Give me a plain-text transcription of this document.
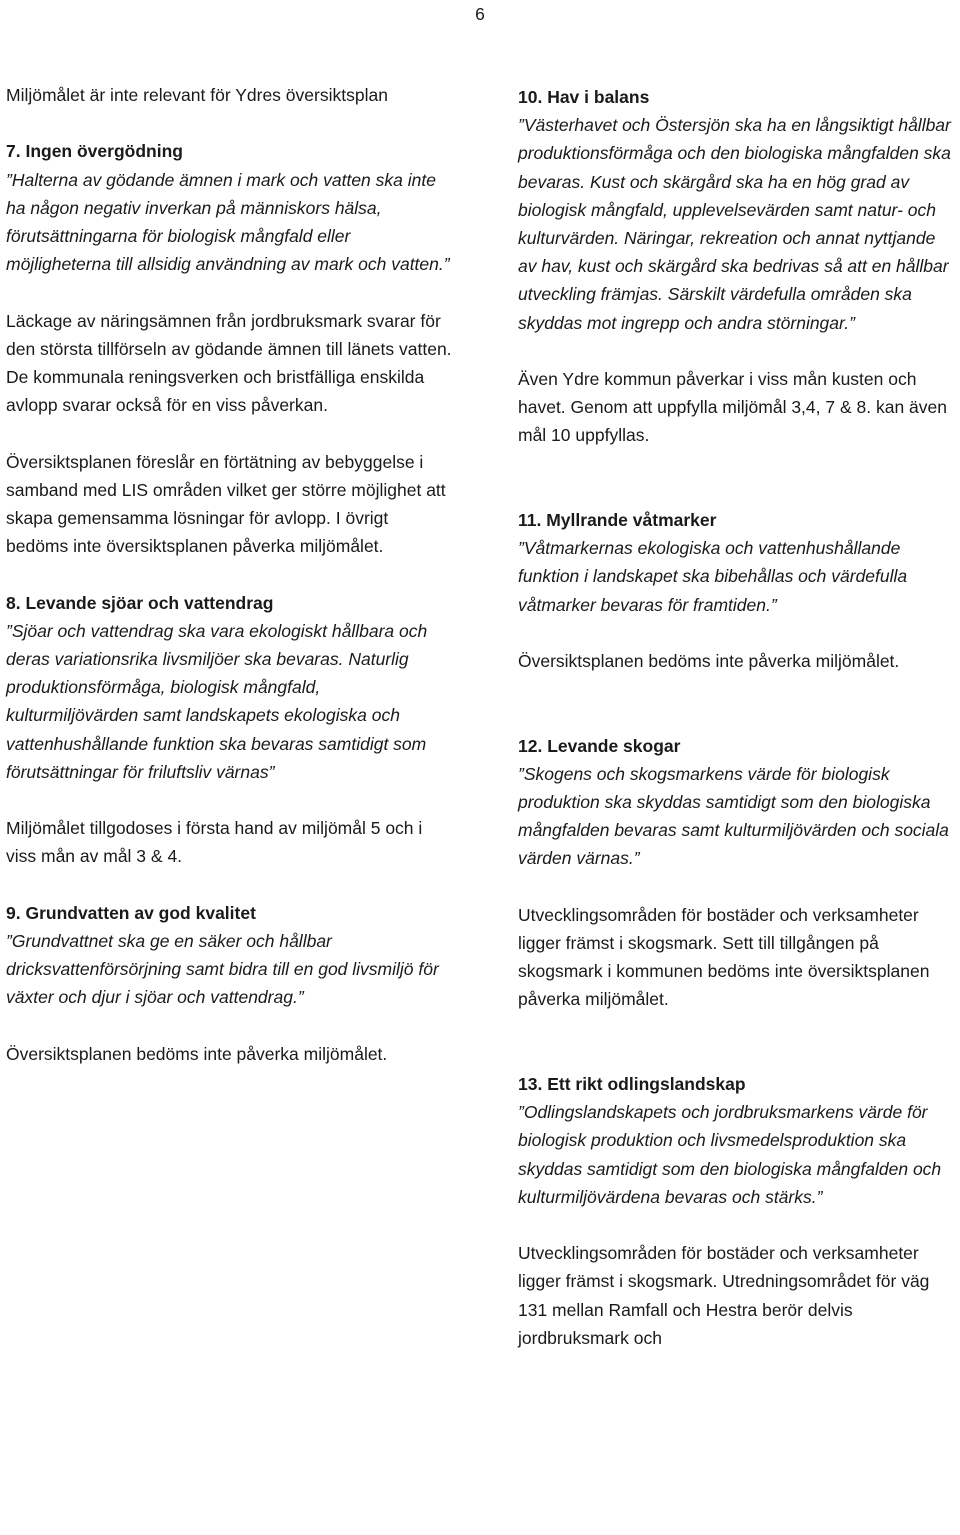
6

Miljömålet är inte relevant för Ydres översiktsplan

7. Ingen övergödning

”Halterna av gödande ämnen i mark och vatten ska inte ha någon negativ inverkan på människors hälsa, förutsättningarna för biologisk mångfald eller möjligheterna till allsidig användning av mark och vatten.”

Läckage av näringsämnen från jordbruksmark svarar för den största tillförseln av gödande ämnen till länets vatten. De kommunala reningsverken och bristfälliga enskilda avlopp svarar också för en viss påverkan.

Översiktsplanen föreslår en förtätning av bebyggelse i samband med LIS områden vilket ger större möjlighet att skapa gemensamma lösningar för avlopp. I övrigt bedöms inte översiktsplanen påverka miljömålet.

8. Levande sjöar och vattendrag

”Sjöar och vattendrag ska vara ekologiskt hållbara och deras variationsrika livsmiljöer ska bevaras. Naturlig produktionsförmåga, biologisk mångfald, kulturmiljövärden samt landskapets ekologiska och vattenhushållande funktion ska bevaras samtidigt som förutsättningar för friluftsliv värnas”

Miljömålet tillgodoses i första hand av miljömål 5 och i viss mån av mål 3 & 4.

9. Grundvatten av god kvalitet

”Grundvattnet ska ge en säker och hållbar dricksvattenförsörjning samt bidra till en god livsmiljö för växter och djur i sjöar och vattendrag.”

Översiktsplanen bedöms inte påverka miljömålet.

10. Hav i balans

”Västerhavet och Östersjön ska ha en långsiktigt hållbar produktionsförmåga och den biologiska mångfalden ska bevaras. Kust och skärgård ska ha en hög grad av biologisk mångfald, upplevelsevärden samt natur- och kulturvärden. Näringar, rekreation och annat nyttjande av hav, kust och skärgård ska bedrivas så att en hållbar utveckling främjas. Särskilt värdefulla områden ska skyddas mot ingrepp och andra störningar.”

Även Ydre kommun påverkar i viss mån kusten och havet. Genom att uppfylla miljömål 3,4, 7 & 8. kan även mål 10 uppfyllas.

11. Myllrande våtmarker

”Våtmarkernas ekologiska och vattenhushållande funktion i landskapet ska bibehållas och värdefulla våtmarker bevaras för framtiden.”

Översiktsplanen bedöms inte påverka miljömålet.

12. Levande skogar

”Skogens och skogsmarkens värde för biologisk produktion ska skyddas samtidigt som den biologiska mångfalden bevaras samt kulturmiljövärden och sociala värden värnas.”

Utvecklingsområden för bostäder och verksamheter ligger främst i skogsmark. Sett till tillgången på skogsmark i kommunen bedöms inte översiktsplanen påverka miljömålet.

13. Ett rikt odlingslandskap

”Odlingslandskapets och jordbruksmarkens värde för biologisk produktion och livsmedelsproduktion ska skyddas samtidigt som den biologiska mångfalden och kulturmiljövärdena bevaras och stärks.”

Utvecklingsområden för bostäder och verksamheter ligger främst i skogsmark. Utredningsområdet för väg 131 mellan Ramfall och Hestra berör delvis jordbruksmark och
